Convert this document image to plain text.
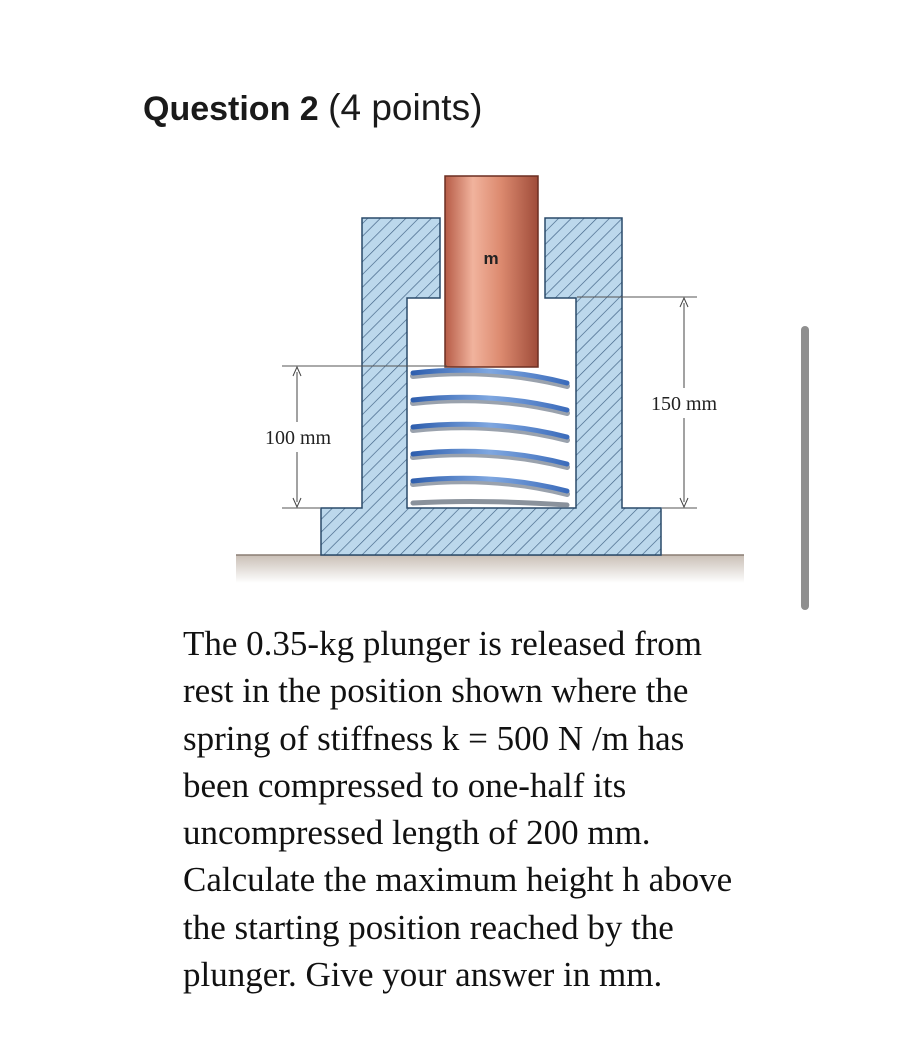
Question 2 (4 points)
m
100 mm
150 mm

The 0.35-kg plunger is released from
rest in the position shown where the
spring of stiffness k = 500 N /m has
been compressed to one-half its
uncompressed length of 200 mm.
Calculate the maximum height h above
the starting position reached by the
plunger. Give your answer in mm.
